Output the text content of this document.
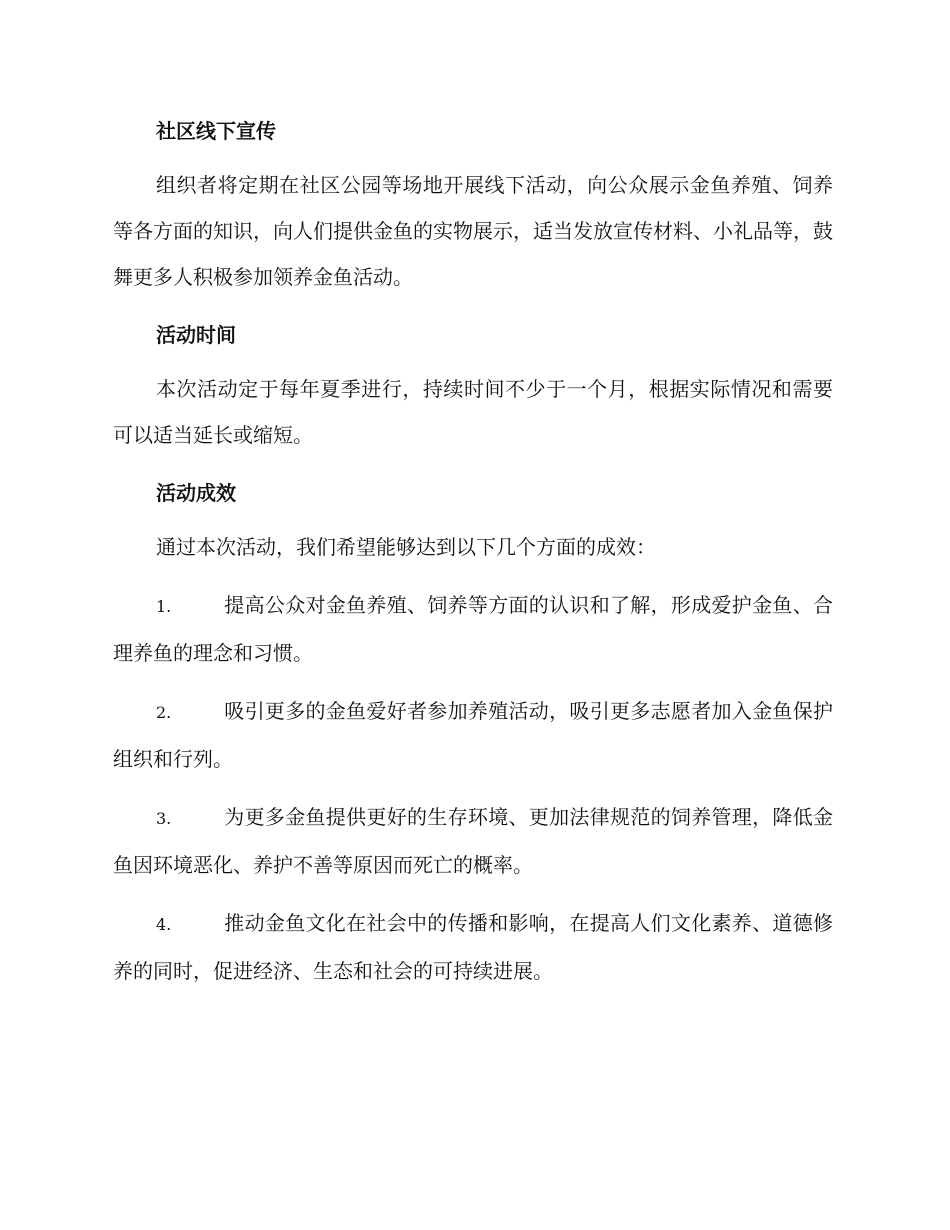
社区线下宣传

组织者将定期在社区公园等场地开展线下活动，向公众展示金鱼养殖、饲养等各方面的知识，向人们提供金鱼的实物展示，适当发放宣传材料、小礼品等，鼓舞更多人积极参加领养金鱼活动。

活动时间

本次活动定于每年夏季进行，持续时间不少于一个月，根据实际情况和需要可以适当延长或缩短。

活动成效

通过本次活动，我们希望能够达到以下几个方面的成效：

1.	提高公众对金鱼养殖、饲养等方面的认识和了解，形成爱护金鱼、合理养鱼的理念和习惯。
2.	吸引更多的金鱼爱好者参加养殖活动，吸引更多志愿者加入金鱼保护组织和行列。
3.	为更多金鱼提供更好的生存环境、更加法律规范的饲养管理，降低金鱼因环境恶化、养护不善等原因而死亡的概率。
4.	推动金鱼文化在社会中的传播和影响，在提高人们文化素养、道德修养的同时，促进经济、生态和社会的可持续进展。
